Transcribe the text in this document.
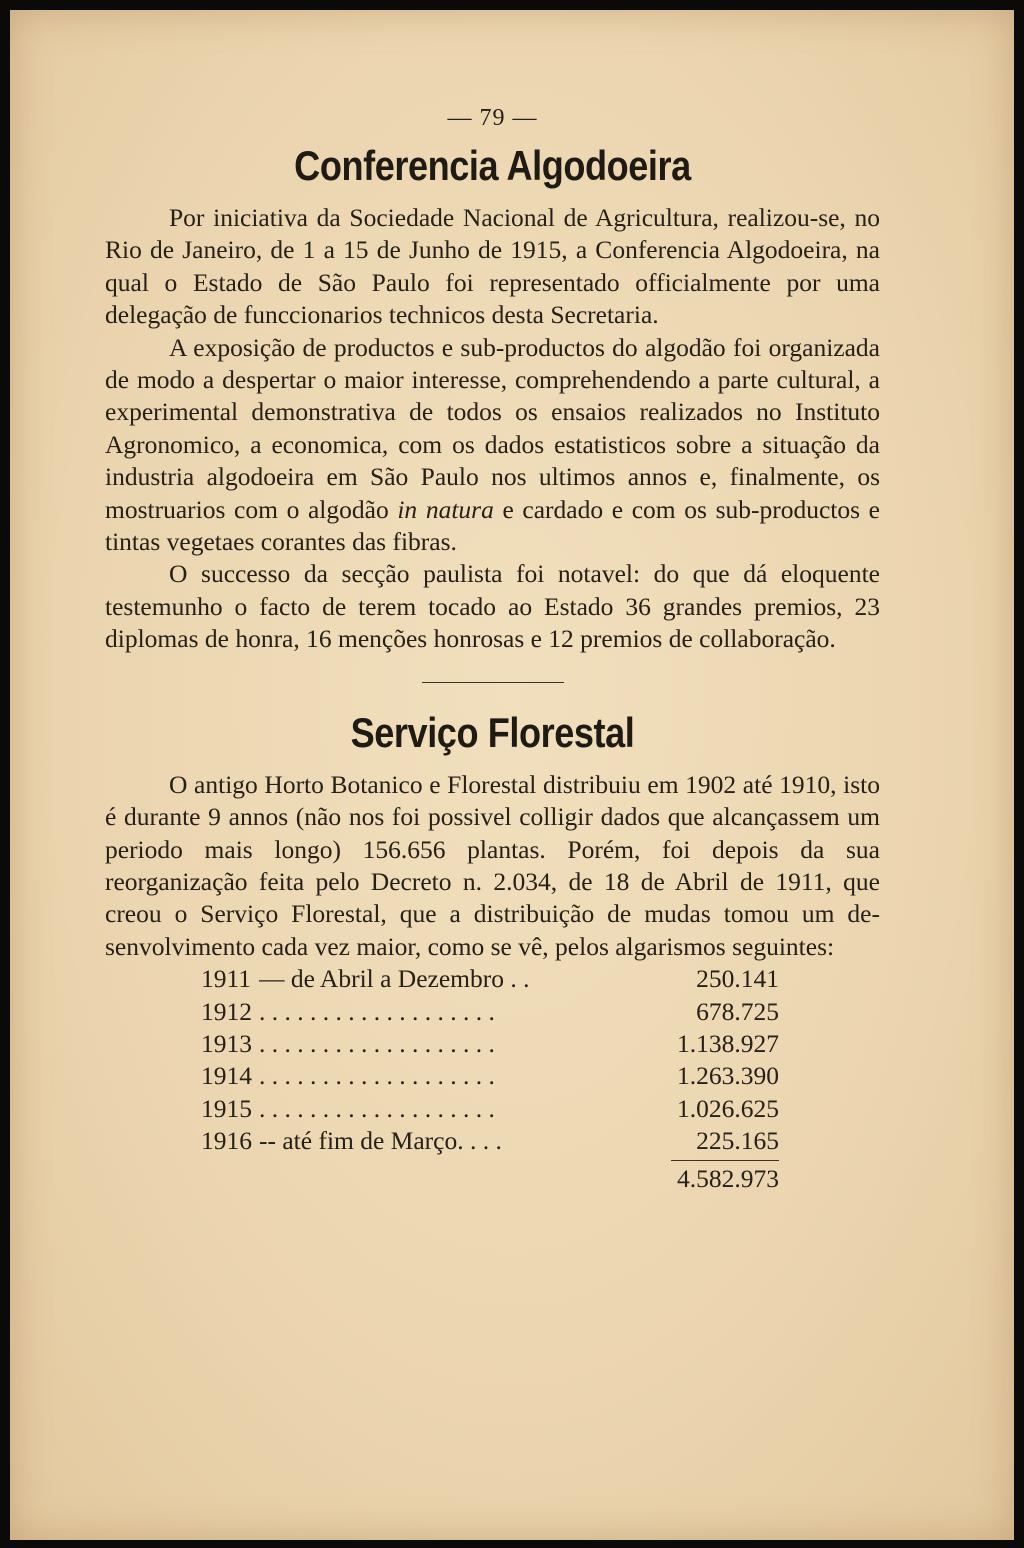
— 79 —
Conferencia Algodoeira

Por iniciativa da Sociedade Nacional de Agricultura, realizou-se, no Rio de Janeiro, de 1 a 15 de Junho de 1915, a Conferencia Algodoeira, na qual o Estado de São Paulo foi representado officialmente por uma delegação de funccionarios technicos desta Secretaria.

A exposição de productos e sub-productos do algodão foi organizada de modo a despertar o maior interesse, comprehendendo a parte cultural, a experimental demonstrativa de todos os ensaios realizados no Instituto Agronomico, a economica, com os dados estatisticos sobre a situação da industria algodoeira em São Paulo nos ultimos annos e, finalmente, os mostruarios com o algodão in natura e cardado e com os sub-productos e tintas vegetaes corantes das fibras.

O successo da secção paulista foi notavel: do que dá eloquente testemunho o facto de terem tocado ao Estado 36 grandes premios, 23 diplomas de honra, 16 menções honrosas e 12 premios de collaboração.

Serviço Florestal

O antigo Horto Botanico e Florestal distribuiu em 1902 até 1910, isto é durante 9 annos (não nos foi possivel colligir dados que alcançassem um periodo mais longo) 156.656 plantas. Porém, foi depois da sua reorganização feita pelo Decreto n. 2.034, de 18 de Abril de 1911, que creou o Serviço Florestal, que a distribuição de mudas tomou um desenvolvimento cada vez maior, como se vê, pelos algarismos seguintes:

1911 — de Abril a Dezembro . .	250.141
1912 . . . . . . . . . . . . . . . . . . .	678.725
1913 . . . . . . . . . . . . . . . . . . .	1.138.927
1914 . . . . . . . . . . . . . . . . . . .	1.263.390
1915 . . . . . . . . . . . . . . . . . . .	1.026.625
1916 -- até fim de Março. . . .	225.165
4.582.973
